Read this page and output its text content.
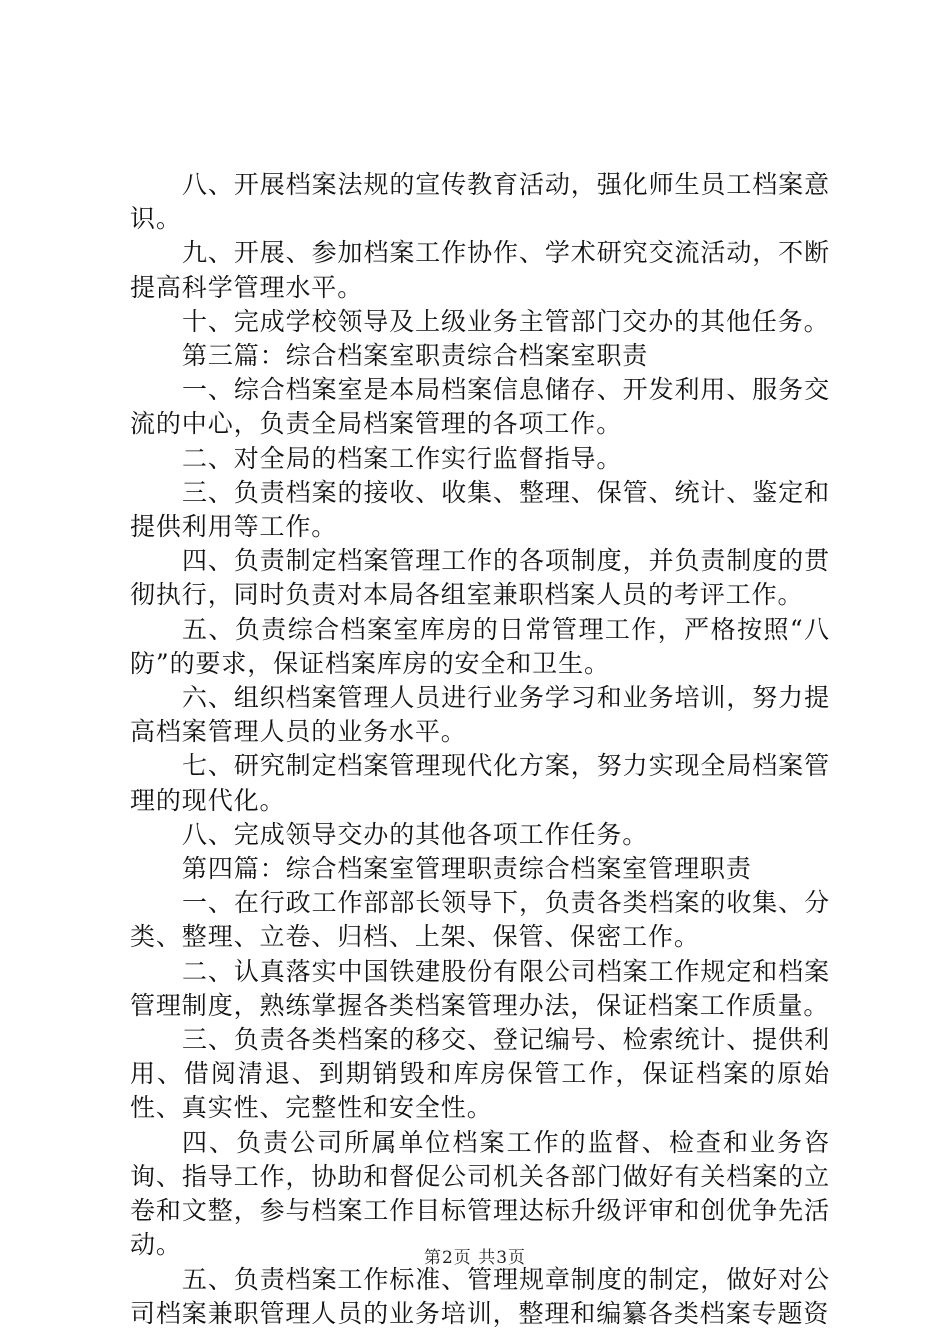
八、开展档案法规的宣传教育活动，强化师生员工档案意识。

九、开展、参加档案工作协作、学术研究交流活动，不断提高科学管理水平。

十、完成学校领导及上级业务主管部门交办的其他任务。

第三篇：综合档案室职责综合档案室职责

一、综合档案室是本局档案信息储存、开发利用、服务交流的中心，负责全局档案管理的各项工作。

二、对全局的档案工作实行监督指导。

三、负责档案的接收、收集、整理、保管、统计、鉴定和提供利用等工作。

四、负责制定档案管理工作的各项制度，并负责制度的贯彻执行，同时负责对本局各组室兼职档案人员的考评工作。

五、负责综合档案室库房的日常管理工作，严格按照“八防”的要求，保证档案库房的安全和卫生。

六、组织档案管理人员进行业务学习和业务培训，努力提高档案管理人员的业务水平。

七、研究制定档案管理现代化方案，努力实现全局档案管理的现代化。

八、完成领导交办的其他各项工作任务。

第四篇：综合档案室管理职责综合档案室管理职责

一、在行政工作部部长领导下，负责各类档案的收集、分类、整理、立卷、归档、上架、保管、保密工作。

二、认真落实中国铁建股份有限公司档案工作规定和档案管理制度，熟练掌握各类档案管理办法，保证档案工作质量。

三、负责各类档案的移交、登记编号、检索统计、提供利用、借阅清退、到期销毁和库房保管工作，保证档案的原始性、真实性、完整性和安全性。

四、负责公司所属单位档案工作的监督、检查和业务咨询、指导工作，协助和督促公司机关各部门做好有关档案的立卷和文整，参与档案工作目标管理达标升级评审和创优争先活动。

五、负责档案工作标准、管理规章制度的制定，做好对公司档案兼职管理人员的业务培训，整理和编纂各类档案专题资

第2页 共3页
